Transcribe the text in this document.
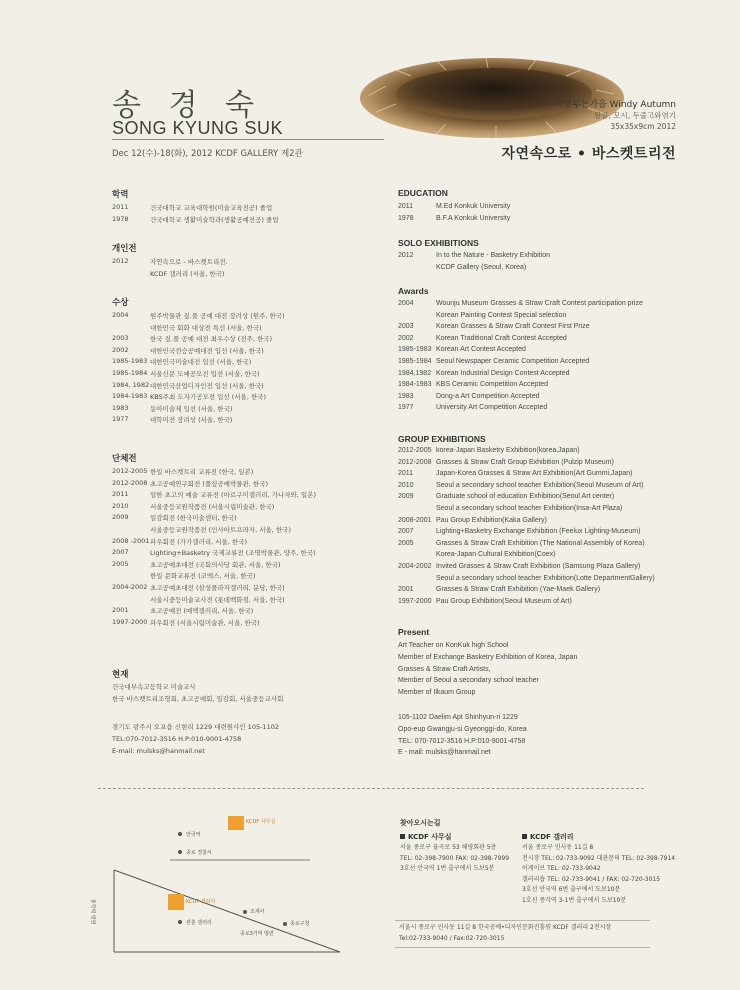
송 경 숙
SONG KYUNG SUK
Dec 12(수)-18(화), 2012 KCDF GALLERY 제2관
바람부는가을 Windy Autumn
왕골, 모시, 두줄고와엮기
35x35x9cm 2012
자연속으로 • 바스켓트리전
학력
2011	건국대학교 교육대학원(미술교육전공) 졸업
1978	건국대학교 생활미술학과(생활공예전공) 졸업
개인전
2012	자연속으로 - 바스켓트리전.
KCDF 갤러리 (서울, 한국)
수상
2004	원주박물관 짚.풀 공예 대전 장려상 (원주, 한국)
대한민국 회화 대상전 특선 (서울, 한국)
2003	한국 짚.풀 공예 대전 최우수상 (전주, 한국)
2002	대한민국전승공예대전 입선 (서울, 한국)
1985-1983 대한민국미술대전 입선 (서울, 한국)
1985-1984 서울신문 도예공모전 입선 (서울, 한국)
1984, 1982 대한민국산업디자인전 입선 (서울, 한국)
1984-1983 KBS주최 도자기공모전 입선 (서울, 한국)
1983	동아미술제 입선 (서울, 한국)
1977	대학미전 장려상 (서울, 한국)
단체전
2012-2005 한일 바스켓트리 교류전 (한국, 일본)
2012-2008 초고공예연구회전 (풀짚공예박물관, 한국)
2011	일한 초고의 예술 교류전 (아르구미갤러리, 가나자와, 일본)
2010	서울중등교원작품전 (서울시립미술관, 한국)
2009	일감회전 (한국미술센터, 한국)
서울중등교원작품전 (인사아트프라자, 서울, 한국)
2008 -2001 파우회전 (가가갤러리, 서울, 한국)
2007	Lighting+Basketry 국제교류전 (조명박물관, 양주, 한국)
2005	초고공예초대전 (국회의사당 회관, 서울, 한국)
한일 문화교류전 (코엑스, 서울, 한국)
2004-2002 초고공예초대전 (삼성플라자갤러리, 분당, 한국)
서울시중등미술교사전 (롯데백화점, 서울, 한국)
2001	초고공예전 (예맥갤러리, 서울, 한국)
1997-2000 파우회전 (서울시립미술관, 서울, 한국)
현재
건국대부속고등학교 미술교사
한국 바스켓트리조형회, 초고공예회, 일감회, 서울중등교사회
경기도 광주시 오포읍 신현리 1229 대련원샤인 105-1102
TEL:070-7012-3516 H.P:010-9001-4758
E-mail: mulsks@hanmail.net
EDUCATION
2011	M.Ed Konkuk University
1978	B.F.A Konkuk University
SOLO EXHIBITIONS
2012	In to the Nature - Basketry Exhibition
KCDF Gallery (Seoul, Korea)
Awards
2004	Wounju Museum Grasses & Straw Craft Contest participation prize
Korean Painting Contest Special selection
2003	Korean Grasses & Straw Craft Contest First Prize
2002	Korean Traditional Craft Contest Accepted
1985-1983 Korean Art Contest Accepted
1985-1984 Seoul Newspaper Ceramic Competition Accepted
1984,1982 Korean Industrial Design Contest Accepted
1984-1983 KBS Ceramic Competition Accepted
1983	Dong-a Art Competition Accepted
1977	University Art Competition Accepted
GROUP EXHIBITIONS
2012-2005 korea-Japan Basketry Exhibition(korea,Japan)
2012-2008 Grasses & Straw Craft Group Exhibition (Pulzip Museum)
2011	Japan-Korea Grasses & Straw Art Exhibition(Art Gummi,Japan)
2010	Seoul a secondary school teacher Exhibition(Seoul Museum of Art)
2009	Graduate school of education Exhibition(Seoul Art center)
Seoul a secondary school teacher Exhibition(Insa-Art Plaza)
2008-2001 Pau Group Exhibition(Kaka Gallery)
2007	Lighting+Basketry Exchange Exhibition (Feelux Lighting-Museum)
2005	Grasses & Straw Craft Exhibition (The National Assembly of Korea)
Korea-Japan Cultural Exhibition(Coex)
2004-2002 Invited Grasses & Straw Craft Exhibition (Samsung Plaza Gallery)
Seoul a secondary school teacher Exhibition(Lotte DepartmentGallery)
2001	Grasses & Straw Craft Exhibition (Yae-Maek Gallery)
1997-2000 Pau Group Exhibition(Seoul Museum of Art)
Present
Art Teacher on KonKuk high School
Member of Exchange Basketry Exhibition of Korea, Japan
Grasses & Straw Craft Artists,
Member of Seoul a secondary school teacher
Member of Ilkaum Group
105-1102 Daelim Apt Shinhyun-ri 1229
Opo-eup Gwangju-si Gyeonggi-do, Korea
TEL: 070-7012-3516 H.P:010-9001-4758
E - mail: mulsks@hanmail.net
KCDF 사무실
KCDF 갤러리
안국역
종로 경찰서
조계사
관훈 갤러리
종각역 방면
종로3가역 방면
종로구청
찾아오시는길
KCDF 사무실
서울 종로구 율곡로 53 해영회관 5층
TEL: 02-398-7900 FAX: 02-398-7999
3호선 안국역 1번 출구에서 도보5분
KCDF 갤러리
서울 종로구 인사동 11길 8
전시장 TEL: 02-733-9092 대관문의 TEL: 02-398-7914
어케이브 TEL: 02-733-9042
갤러리숍 TEL: 02-733-9041 / FAX: 02-720-3015
3호선 안국역 6번 출구에서 도보10분
1호선 종각역 3-1번 출구에서 도보10분
서울시 종로구 인사동 11길 8 한국공예•디자인문화진흥원 KCDF 갤러리 2전시장
Tel:02-733-9040 / Fax:02-720-3015
